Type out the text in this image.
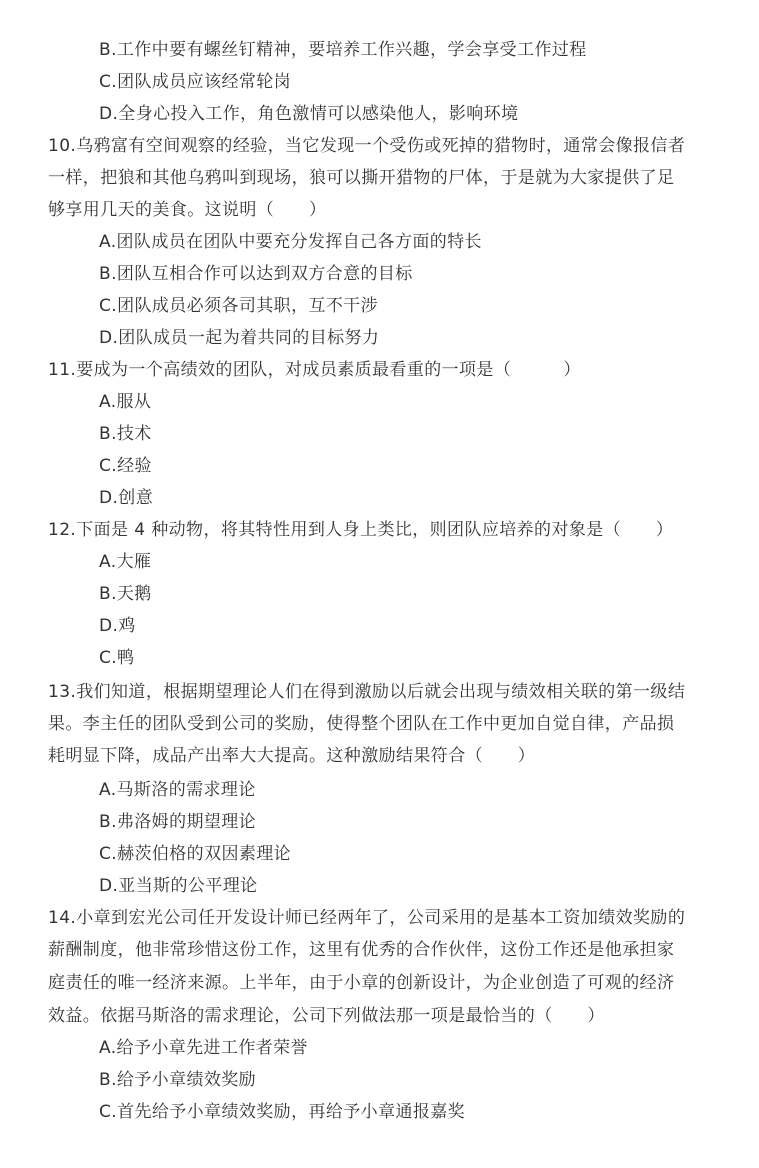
B.工作中要有螺丝钉精神，要培养工作兴趣，学会享受工作过程
C.团队成员应该经常轮岗
D.全身心投入工作，角色激情可以感染他人，影响环境
10.乌鸦富有空间观察的经验，当它发现一个受伤或死掉的猎物时，通常会像报信者
一样，把狼和其他乌鸦叫到现场，狼可以撕开猎物的尸体，于是就为大家提供了足
够享用几天的美食。这说明（　　）
A.团队成员在团队中要充分发挥自己各方面的特长
B.团队互相合作可以达到双方合意的目标
C.团队成员必须各司其职，互不干涉
D.团队成员一起为着共同的目标努力
11.要成为一个高绩效的团队，对成员素质最看重的一项是（　　　）
A.服从
B.技术
C.经验
D.创意
12.下面是 4 种动物，将其特性用到人身上类比，则团队应培养的对象是（　　）
A.大雁
B.天鹅
D.鸡
C.鸭
13.我们知道，根据期望理论人们在得到激励以后就会出现与绩效相关联的第一级结
果。李主任的团队受到公司的奖励，使得整个团队在工作中更加自觉自律，产品损
耗明显下降，成品产出率大大提高。这种激励结果符合（　　）
A.马斯洛的需求理论
B.弗洛姆的期望理论
C.赫茨伯格的双因素理论
D.亚当斯的公平理论
14.小章到宏光公司任开发设计师已经两年了，公司采用的是基本工资加绩效奖励的
薪酬制度，他非常珍惜这份工作，这里有优秀的合作伙伴，这份工作还是他承担家
庭责任的唯一经济来源。上半年，由于小章的创新设计，为企业创造了可观的经济
效益。依据马斯洛的需求理论，公司下列做法那一项是最恰当的（　　）
A.给予小章先进工作者荣誉
B.给予小章绩效奖励
C.首先给予小章绩效奖励，再给予小章通报嘉奖
